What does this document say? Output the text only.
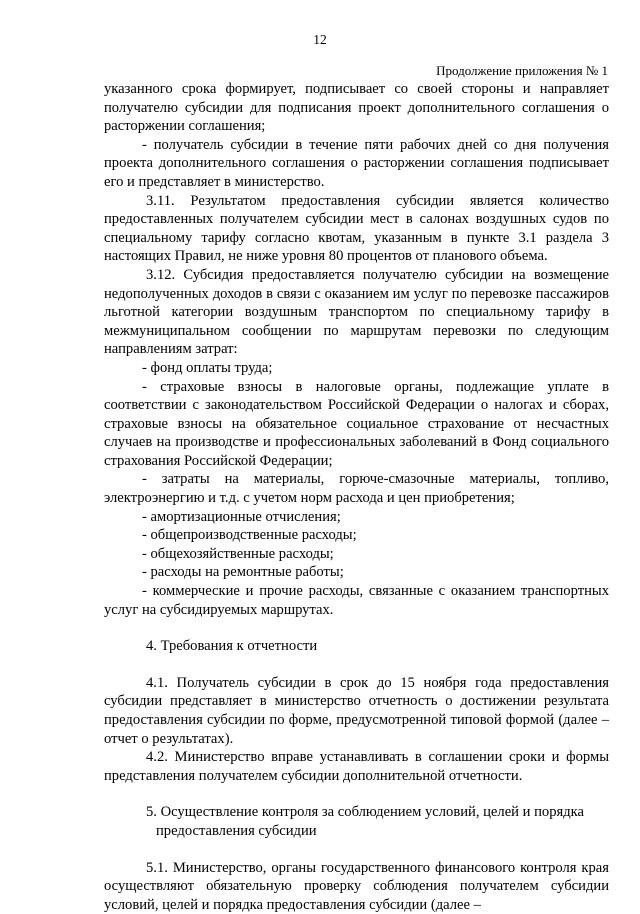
12
Продолжение приложения № 1

указанного срока формирует, подписывает со своей стороны и направляет получателю субсидии для подписания проект дополнительного соглашения о расторжении соглашения;

- получатель субсидии в течение пяти рабочих дней со дня получения проекта дополнительного соглашения о расторжении соглашения подписывает его и представляет в министерство.

3.11. Результатом предоставления субсидии является количество предоставленных получателем субсидии мест в салонах воздушных судов по специальному тарифу согласно квотам, указанным в пункте 3.1 раздела 3 настоящих Правил, не ниже уровня 80 процентов от планового объема.

3.12. Субсидия предоставляется получателю субсидии на возмещение недополученных доходов в связи с оказанием им услуг по перевозке пассажиров льготной категории воздушным транспортом по специальному тарифу в межмуниципальном сообщении по маршрутам перевозки по следующим направлениям затрат:

- фонд оплаты труда;

- страховые взносы в налоговые органы, подлежащие уплате в соответствии с законодательством Российской Федерации о налогах и сборах, страховые взносы на обязательное социальное страхование от несчастных случаев на производстве и профессиональных заболеваний в Фонд социального страхования Российской Федерации;

- затраты на материалы, горюче-смазочные материалы, топливо, электроэнергию и т.д. с учетом норм расхода и цен приобретения;

- амортизационные отчисления;

- общепроизводственные расходы;

- общехозяйственные расходы;

- расходы на ремонтные работы;

- коммерческие и прочие расходы, связанные с оказанием транспортных услуг на субсидируемых маршрутах.

4. Требования к отчетности

4.1. Получатель субсидии в срок до 15 ноября года предоставления субсидии представляет в министерство отчетность о достижении результата предоставления субсидии по форме, предусмотренной типовой формой (далее – отчет о результатах).

4.2. Министерство вправе устанавливать в соглашении сроки и формы представления получателем субсидии дополнительной отчетности.

5. Осуществление контроля за соблюдением условий, целей и порядка
предоставления субсидии

5.1. Министерство, органы государственного финансового контроля края осуществляют обязательную проверку соблюдения получателем субсидии условий, целей и порядка предоставления субсидии (далее –
